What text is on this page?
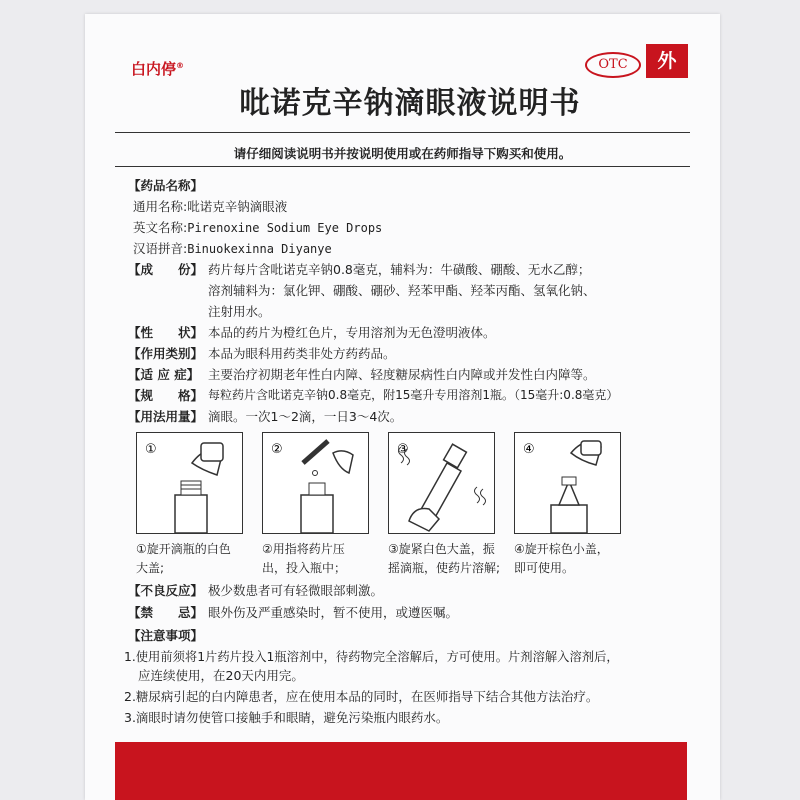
白内停®	OTC	外
吡诺克辛钠滴眼液说明书
请仔细阅读说明书并按说明使用或在药师指导下购买和使用。
【药品名称】
通用名称:吡诺克辛钠滴眼液
英文名称:Pirenoxine Sodium Eye Drops
汉语拼音:Binuokexinna Diyanye
【成　　份】 药片每片含吡诺克辛钠0.8毫克，辅料为：牛磺酸、硼酸、无水乙醇；
溶剂辅料为：氯化钾、硼酸、硼砂、羟苯甲酯、羟苯丙酯、氢氧化钠、
注射用水。
【性　　状】 本品的药片为橙红色片，专用溶剂为无色澄明液体。
【作用类别】 本品为眼科用药类非处方药药品。
【适 应 症】 主要治疗初期老年性白内障、轻度糖尿病性白内障或并发性白内障等。
【规　　格】 每粒药片含吡诺克辛钠0.8毫克，附15毫升专用溶剂1瓶。（15毫升:0.8毫克）
【用法用量】 滴眼。一次1～2滴，一日3～4次。
①	②	③	④
①旋开滴瓶的白色
大盖;
②用指将药片压
出，投入瓶中；
③旋紧白色大盖，振
摇滴瓶，使药片溶解;
④旋开棕色小盖，
即可使用。
【不良反应】 极少数患者可有轻微眼部刺激。
【禁　　忌】 眼外伤及严重感染时，暂不使用，或遵医嘱。
【注意事项】
1.使用前须将1片药片投入1瓶溶剂中，待药物完全溶解后，方可使用。片剂溶解入溶剂后，
应连续使用，在20天内用完。
2.糖尿病引起的白内障患者，应在使用本品的同时，在医师指导下结合其他方法治疗。
3.滴眼时请勿使管口接触手和眼睛，避免污染瓶内眼药水。
